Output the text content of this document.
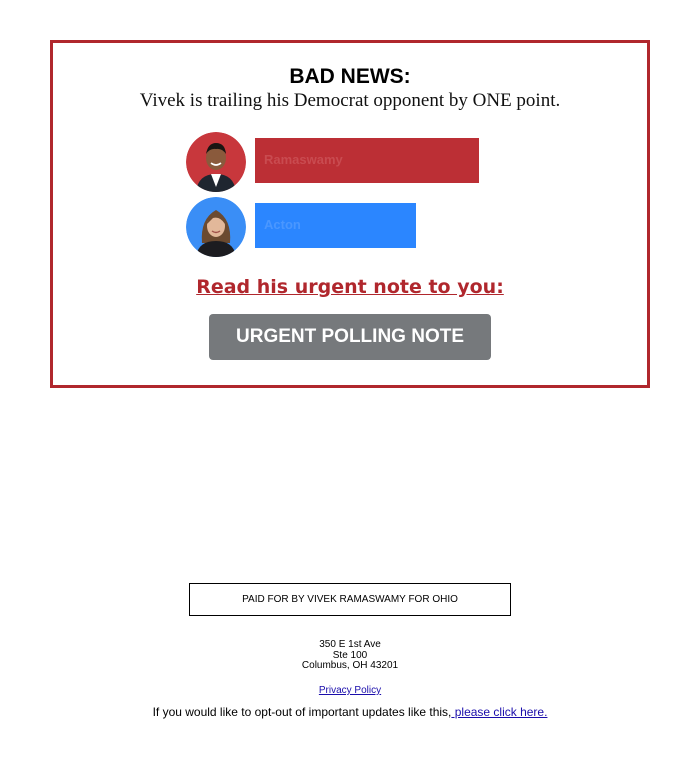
BAD NEWS:
Vivek is trailing his Democrat opponent by ONE point.
Ramaswamy
Acton
Read his urgent note to you:
URGENT POLLING NOTE
PAID FOR BY VIVEK RAMASWAMY FOR OHIO
350 E 1st Ave
Ste 100
Columbus, OH 43201
Privacy Policy
If you would like to opt-out of important updates like this, please click here.
